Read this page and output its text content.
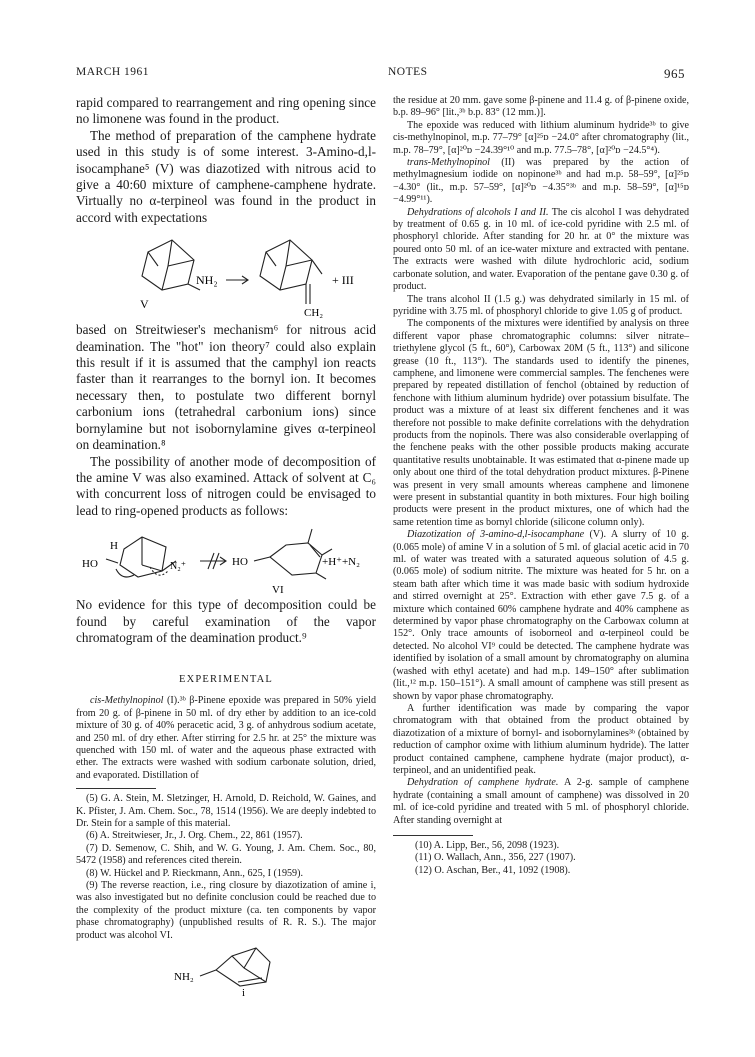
MARCH 1961	NOTES	965

rapid compared to rearrangement and ring opening since no limonene was found in the product.

The method of preparation of the camphene hydrate used in this study is of some interest. 3-Amino-d,l-isocamphane⁵ (V) was diazotized with nitrous acid to give a 40:60 mixture of camphene-camphene hydrate. Virtually no α-terpineol was found in the product in accord with expectations

NH₂
V
CH₂
+ III

based on Streitwieser's mechanism⁶ for nitrous acid deamination. The "hot" ion theory⁷ could also explain this result if it is assumed that the camphyl ion reacts faster than it rearranges to the bornyl ion. It becomes necessary then, to postulate two different bornyl carbonium ions (tetrahedral carbonium ions) since bornylamine but not isobornylamine gives α-terpineol on deamination.⁸

The possibility of another mode of decomposition of the amine V was also examined. Attack of solvent at C₆ with concurrent loss of nitrogen could be envisaged to lead to ring-opened products as follows:

H
HO	N₂⁺	HO	+H⁺+N₂
VI

No evidence for this type of decomposition could be found by careful examination of the vapor chromatogram of the deamination product.⁹

EXPERIMENTAL

cis-Methylnopinol (I).³ᵇ β-Pinene epoxide was prepared in 50% yield from 20 g. of β-pinene in 50 ml. of dry ether by addition to an ice-cold mixture of 30 g. of 40% peracetic acid, 3 g. of anhydrous sodium acetate, and 250 ml. of dry ether. After stirring for 2.5 hr. at 25° the mixture was quenched with 150 ml. of water and the aqueous phase extracted with ether. The extracts were washed with sodium carbonate solution, dried, and evaporated. Distillation of

(5) G. A. Stein, M. Sletzinger, H. Arnold, D. Reichold, W. Gaines, and K. Pfister, J. Am. Chem. Soc., 78, 1514 (1956). We are deeply indebted to Dr. Stein for a sample of this material.

(6) A. Streitwieser, Jr., J. Org. Chem., 22, 861 (1957).

(7) D. Semenow, C. Shih, and W. G. Young, J. Am. Chem. Soc., 80, 5472 (1958) and references cited therein.

(8) W. Hückel and P. Rieckmann, Ann., 625, I (1959).

(9) The reverse reaction, i.e., ring closure by diazotization of amine i, was also investigated but no definite conclusion could be reached due to the complexity of the product mixture (ca. ten components by vapor phase chromatography) (unpublished results of R. R. S.). The major product was alcohol VI.

NH₂
i

the residue at 20 mm. gave some β-pinene and 11.4 g. of β-pinene oxide, b.p. 89–96° [lit.,³ᵇ b.p. 83° (12 mm.)].

The epoxide was reduced with lithium aluminum hydride³ᵇ to give cis-methylnopinol, m.p. 77–79° [α]²⁵ᴅ −24.0° after chromatography (lit., m.p. 78–79°, [α]²⁰ᴅ −24.39°¹⁰ and m.p. 77.5–78°, [α]²⁰ᴅ −24.5°⁴).

trans-Methylnopinol (II) was prepared by the action of methylmagnesium iodide on nopinone³ᵇ and had m.p. 58–59°, [α]²⁵ᴅ −4.30° (lit., m.p. 57–59°, [α]²⁰ᴅ −4.35°³ᵇ and m.p. 58–59°, [α]¹⁵ᴅ −4.99°¹¹).

Dehydrations of alcohols I and II. The cis alcohol I was dehydrated by treatment of 0.65 g. in 10 ml. of ice-cold pyridine with 2.5 ml. of phosphoryl chloride. After standing for 20 hr. at 0° the mixture was poured onto 50 ml. of an ice-water mixture and extracted with pentane. The extracts were washed with dilute hydrochloric acid, sodium carbonate solution, and water. Evaporation of the pentane gave 0.30 g. of product.

The trans alcohol II (1.5 g.) was dehydrated similarly in 15 ml. of pyridine with 3.75 ml. of phosphoryl chloride to give 1.05 g of product.

The components of the mixtures were identified by analysis on three different vapor phase chromatographic columns: silver nitrate–triethylene glycol (5 ft., 60°), Carbowax 20M (5 ft., 113°) and silicone grease (10 ft., 113°). The standards used to identify the pinenes, camphene, and limonene were commercial samples. The fenchenes were prepared by repeated distillation of fenchol (obtained by reduction of fenchone with lithium aluminum hydride) over potassium bisulfate. The product was a mixture of at least six different fenchenes and it was therefore not possible to make definite correlations with the dehydration products from the nopinols. There was also considerable overlapping of the fenchene peaks with the other possible products making accurate quantitative results unobtainable. It was estimated that α-pinene made up only about one third of the total dehydration product mixtures. β-Pinene was present in very small amounts whereas camphene and limonene were present in substantial quantity in both mixtures. Four high boiling products were present in the product mixtures, one of which had the same retention time as bornyl chloride (silicone column only).

Diazotization of 3-amino-d,l-isocamphane (V). A slurry of 10 g. (0.065 mole) of amine V in a solution of 5 ml. of glacial acetic acid in 70 ml. of water was treated with a saturated aqueous solution of 4.5 g. (0.065 mole) of sodium nitrite. The mixture was heated for 5 hr. on a steam bath after which time it was made basic with sodium hydroxide and stirred overnight at 25°. Extraction with ether gave 7.5 g. of a mixture which contained 60% camphene hydrate and 40% camphene as determined by vapor phase chromatography on the Carbowax column at 152°. Only trace amounts of isoborneol and α-terpineol could be detected. No alcohol VI⁹ could be detected. The camphene hydrate was identified by isolation of a small amount by chromatography on alumina (washed with ethyl acetate) and had m.p. 149–150° after sublimation (lit.,¹² m.p. 150–151°). A small amount of camphene was still present as shown by vapor phase chromatography.

A further identification was made by comparing the vapor chromatogram with that obtained from the product obtained by diazotization of a mixture of bornyl- and isobornylamines³ᵇ (obtained by reduction of camphor oxime with lithium aluminum hydride). The latter product contained camphene, camphene hydrate (major product), α-terpineol, and an unidentified peak.

Dehydration of camphene hydrate. A 2-g. sample of camphene hydrate (containing a small amount of camphene) was dissolved in 20 ml. of ice-cold pyridine and treated with 5 ml. of phosphoryl chloride. After standing overnight at

(10) A. Lipp, Ber., 56, 2098 (1923).

(11) O. Wallach, Ann., 356, 227 (1907).

(12) O. Aschan, Ber., 41, 1092 (1908).
